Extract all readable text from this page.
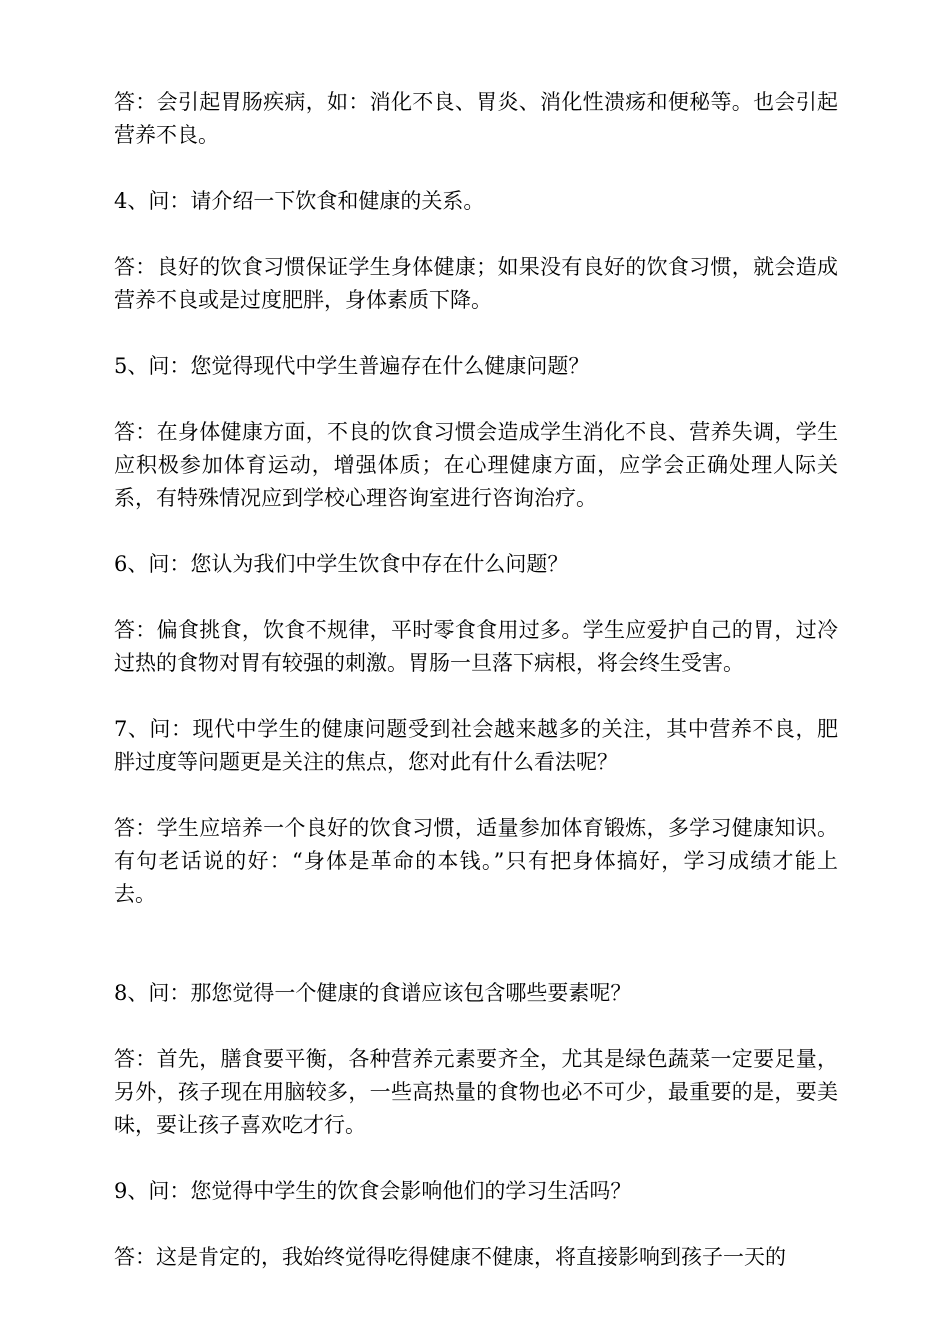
答：会引起胃肠疾病，如：消化不良、胃炎、消化性溃疡和便秘等。也会引起营养不良。

4、问：请介绍一下饮食和健康的关系。

答：良好的饮食习惯保证学生身体健康；如果没有良好的饮食习惯，就会造成营养不良或是过度肥胖，身体素质下降。

5、问：您觉得现代中学生普遍存在什么健康问题？

答：在身体健康方面，不良的饮食习惯会造成学生消化不良、营养失调，学生应积极参加体育运动，增强体质；在心理健康方面，应学会正确处理人际关系，有特殊情况应到学校心理咨询室进行咨询治疗。

6、问：您认为我们中学生饮食中存在什么问题？

答：偏食挑食，饮食不规律，平时零食食用过多。学生应爱护自己的胃，过冷过热的食物对胃有较强的刺激。胃肠一旦落下病根，将会终生受害。

7、问：现代中学生的健康问题受到社会越来越多的关注，其中营养不良，肥胖过度等问题更是关注的焦点，您对此有什么看法呢？

答：学生应培养一个良好的饮食习惯，适量参加体育锻炼，多学习健康知识。有句老话说的好：“身体是革命的本钱。”只有把身体搞好，学习成绩才能上去。

8、问：那您觉得一个健康的食谱应该包含哪些要素呢？

答：首先，膳食要平衡，各种营养元素要齐全，尤其是绿色蔬菜一定要足量，另外，孩子现在用脑较多，一些高热量的食物也必不可少，最重要的是，要美味，要让孩子喜欢吃才行。

9、问：您觉得中学生的饮食会影响他们的学习生活吗？

答：这是肯定的，我始终觉得吃得健康不健康，将直接影响到孩子一天的
